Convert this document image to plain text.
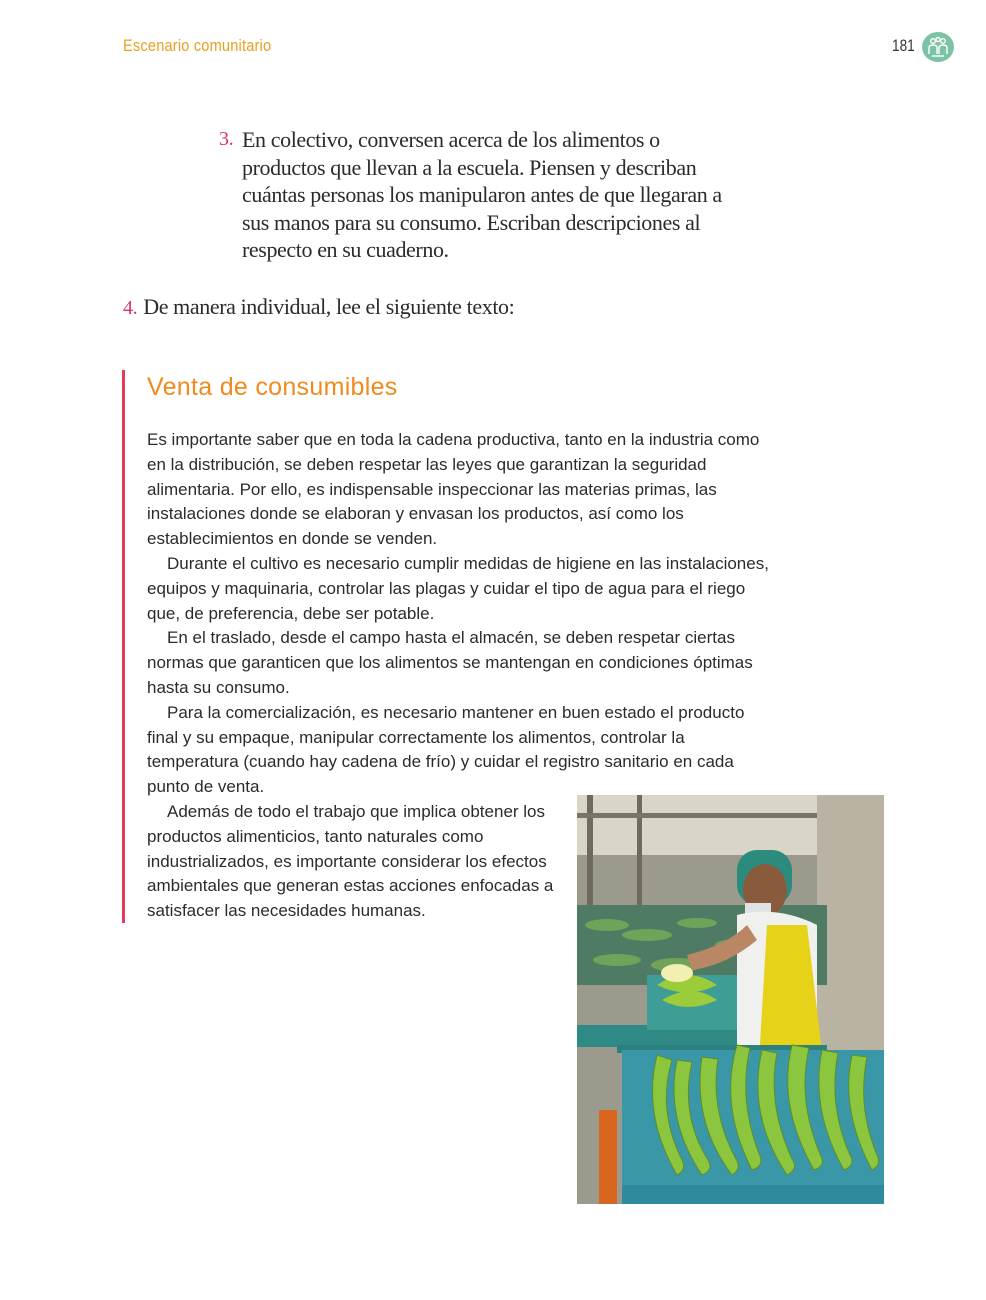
Escenario comunitario	181
3. En colectivo, conversen acerca de los alimentos o productos que llevan a la escuela. Piensen y describan cuántas personas los manipularon antes de que llegaran a sus manos para su consumo. Escriban descripciones al respecto en su cuaderno.
4. De manera individual, lee el siguiente texto:
Venta de consumibles

Es importante saber que en toda la cadena productiva, tanto en la industria como en la distribución, se deben respetar las leyes que garantizan la seguridad alimentaria. Por ello, es indispensable inspeccionar las materias primas, las instalaciones donde se elaboran y envasan los productos, así como los establecimientos en donde se venden.

Durante el cultivo es necesario cumplir medidas de higiene en las instalaciones, equipos y maquinaria, controlar las plagas y cuidar el tipo de agua para el riego que, de preferencia, debe ser potable.

En el traslado, desde el campo hasta el almacén, se deben respetar ciertas normas que garanticen que los alimentos se mantengan en condiciones óptimas hasta su consumo.

Para la comercialización, es necesario mantener en buen estado el producto final y su empaque, manipular correctamente los alimentos, controlar la temperatura (cuando hay cadena de frío) y cuidar el registro sanitario en cada punto de venta.

Además de todo el trabajo que implica obtener los productos alimenticios, tanto naturales como industrializados, es importante considerar los efectos ambientales que generan estas acciones enfocadas a satisfacer las necesidades humanas.
